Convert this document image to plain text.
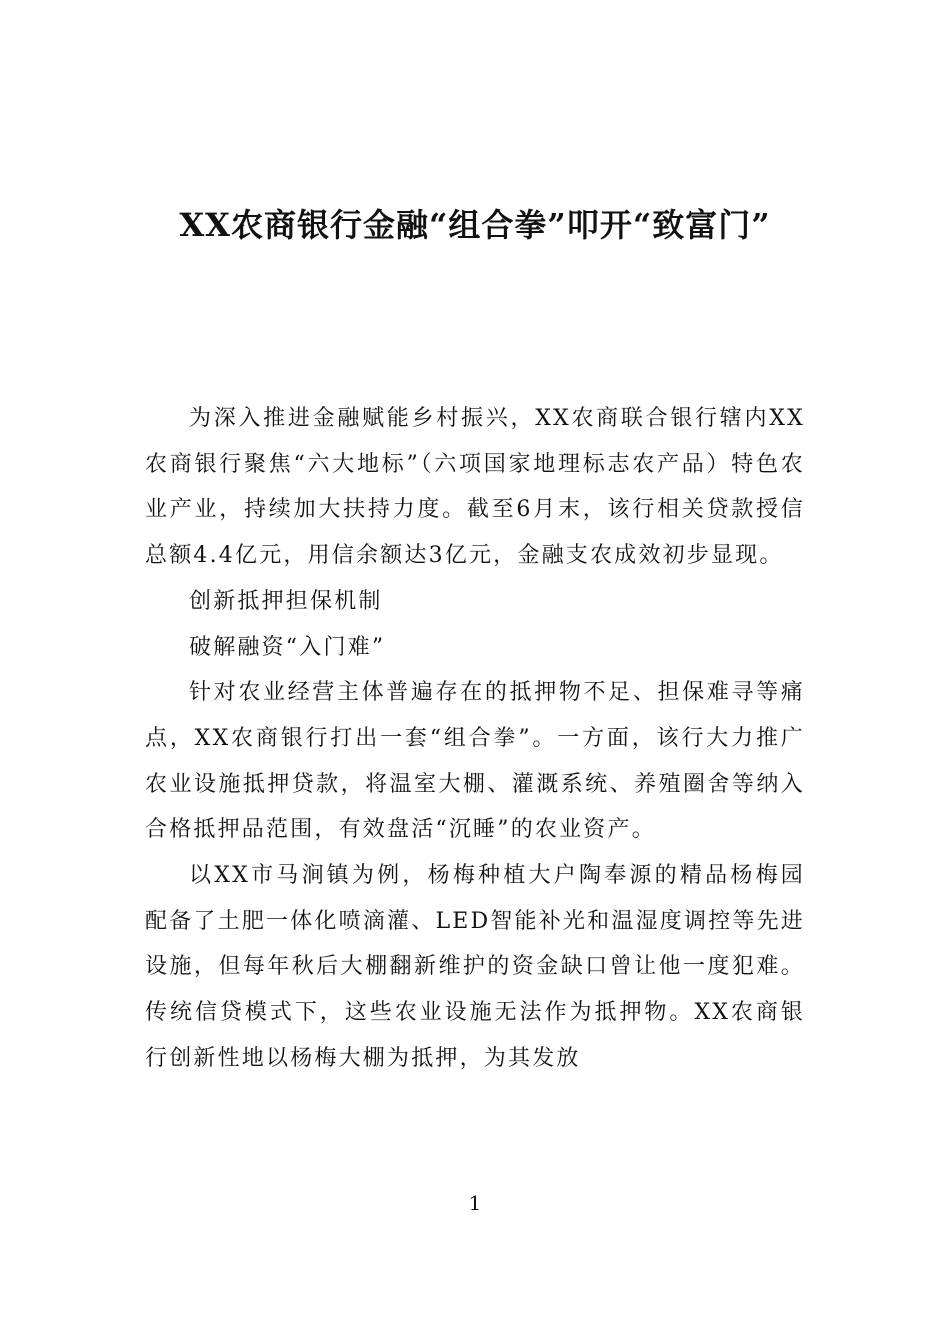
XX农商银行金融“组合拳”叩开“致富门”

为深入推进金融赋能乡村振兴，XX农商联合银行辖内XX农商银行聚焦“六大地标”（六项国家地理标志农产品）特色农业产业，持续加大扶持力度。截至6月末，该行相关贷款授信总额4.4亿元，用信余额达3亿元，金融支农成效初步显现。

创新抵押担保机制

破解融资“入门难”

针对农业经营主体普遍存在的抵押物不足、担保难寻等痛点，XX农商银行打出一套“组合拳”。一方面，该行大力推广农业设施抵押贷款，将温室大棚、灌溉系统、养殖圈舍等纳入合格抵押品范围，有效盘活“沉睡”的农业资产。

以XX市马涧镇为例，杨梅种植大户陶奉源的精品杨梅园配备了土肥一体化喷滴灌、LED智能补光和温湿度调控等先进设施，但每年秋后大棚翻新维护的资金缺口曾让他一度犯难。传统信贷模式下，这些农业设施无法作为抵押物。XX农商银行创新性地以杨梅大棚为抵押，为其发放

1
